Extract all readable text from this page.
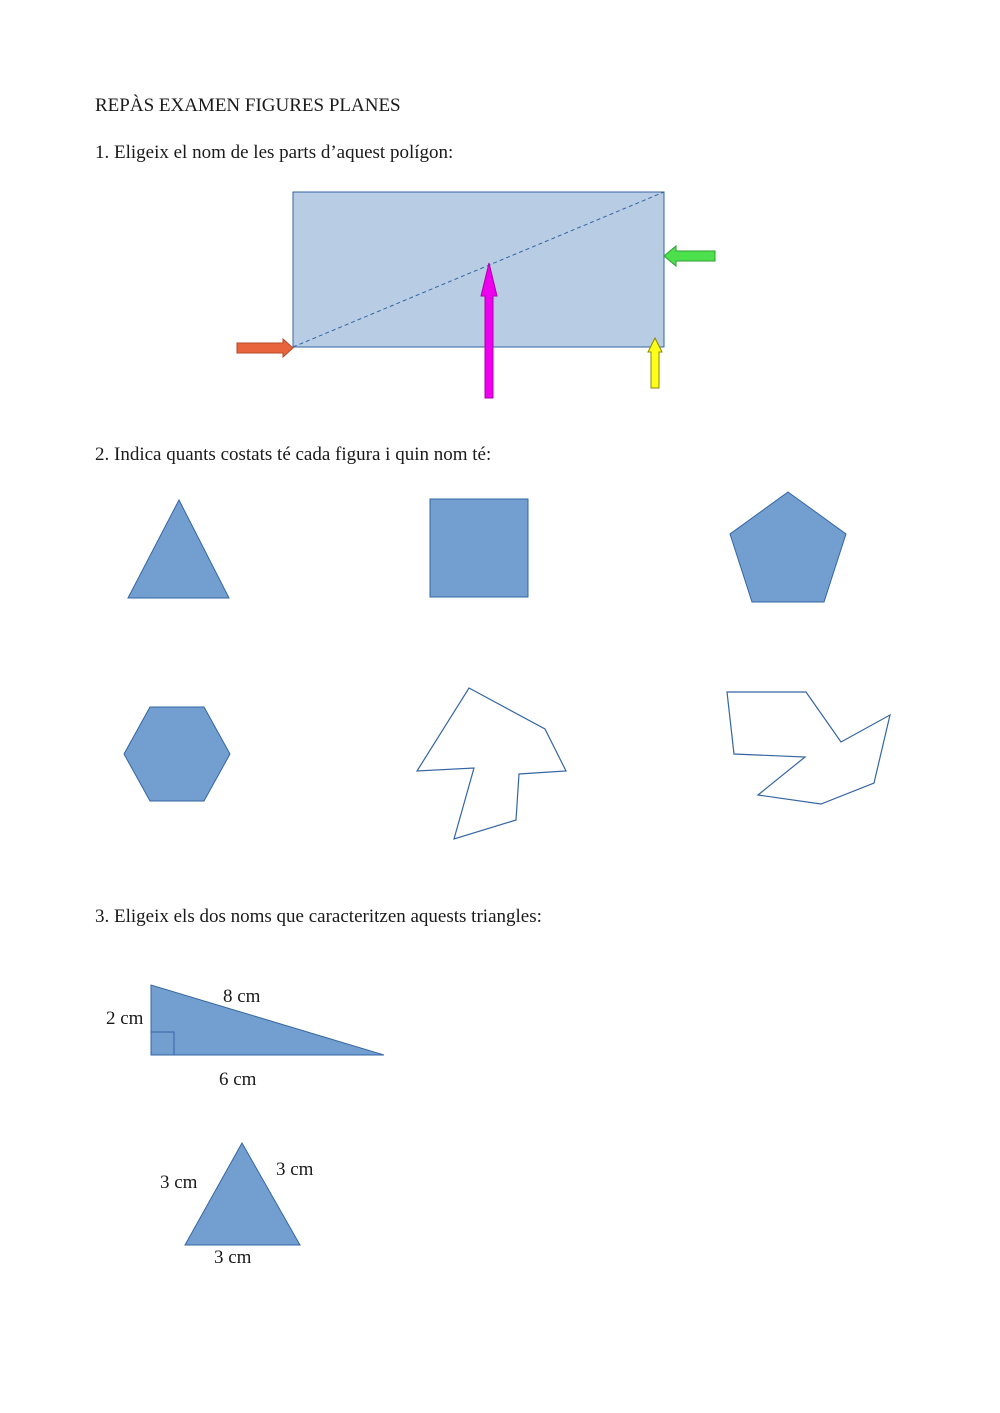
REPÀS EXAMEN FIGURES PLANES
1. Eligeix el nom de les parts d’aquest polígon:
2. Indica quants costats té cada figura i quin nom té:
3. Eligeix els dos noms que caracteritzen aquests triangles:
8 cm
2 cm
6 cm
3 cm
3 cm
3 cm
